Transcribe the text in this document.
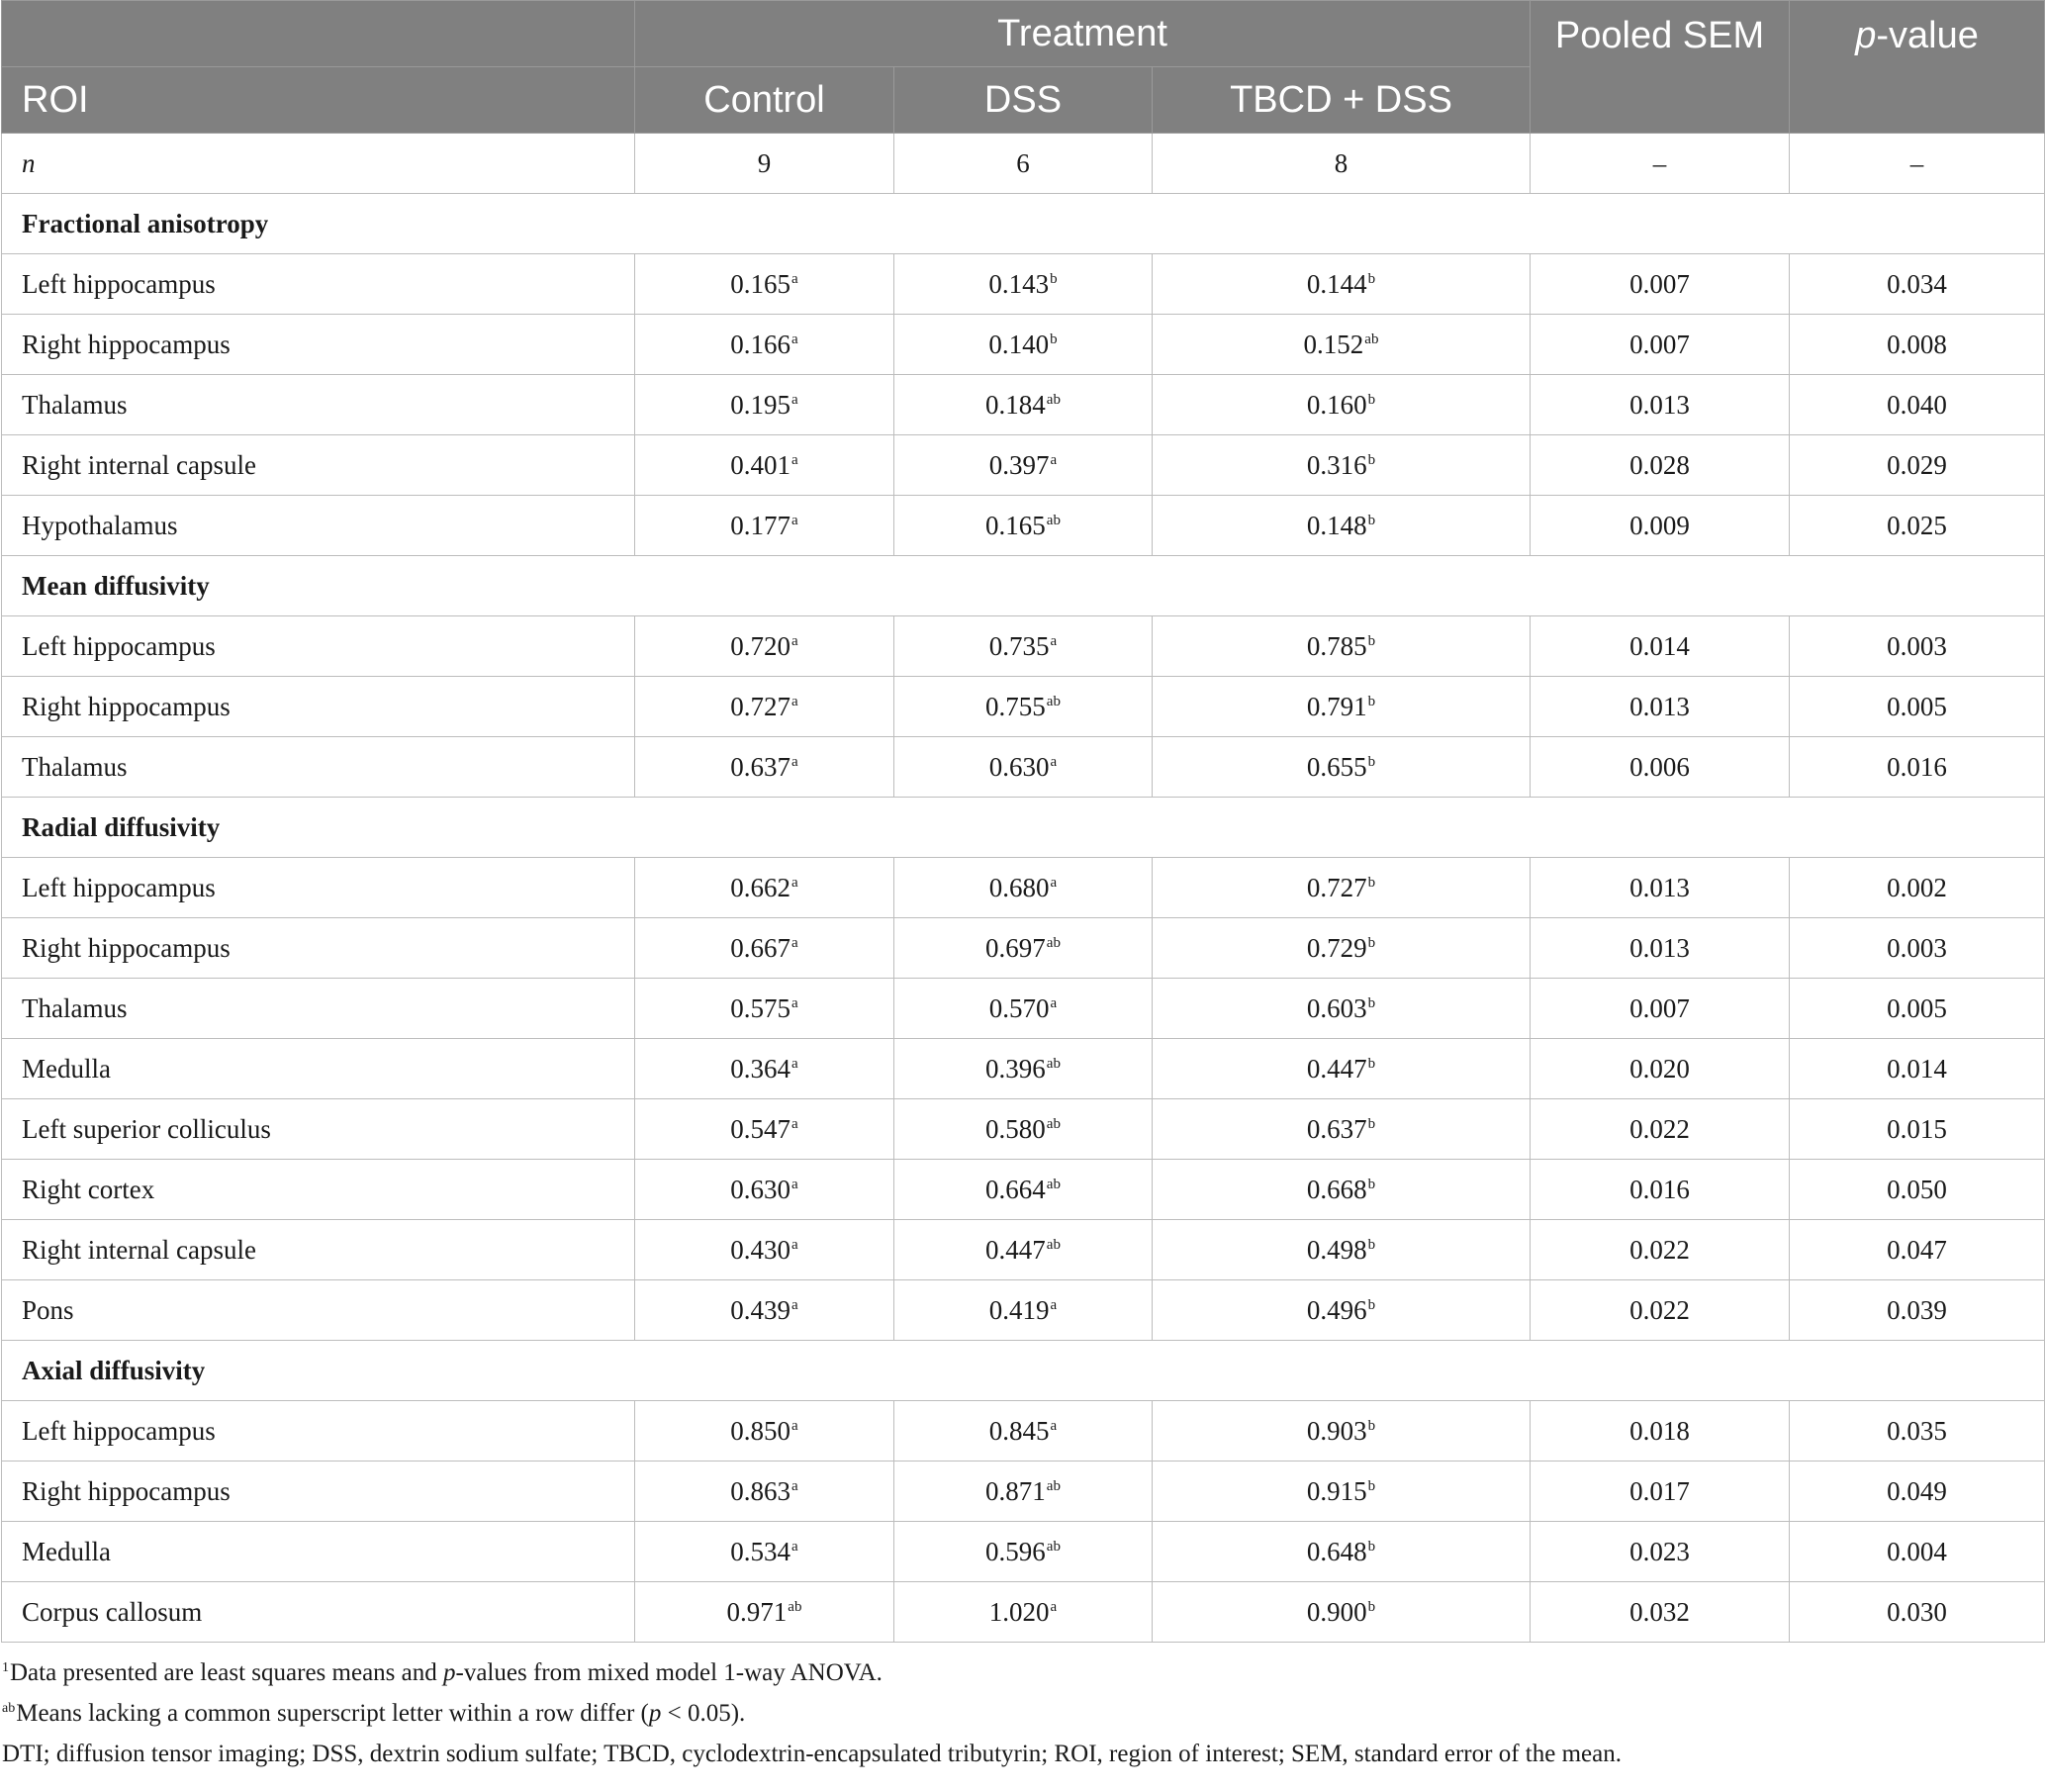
	Treatment			Pooled SEM	p-value
ROI	Control	DSS	TBCD + DSS		
n	9	6	8	–	–
Fractional anisotropy					
Left hippocampus	0.165$^a$	0.143$^b$	0.144$^b$	0.007	0.034
Right hippocampus	0.166$^a$	0.140$^b$	0.152$^{ab}$	0.007	0.008
Thalamus	0.195$^a$	0.184$^{ab}$	0.160$^b$	0.013	0.040
Right internal capsule	0.401$^a$	0.397$^a$	0.316$^b$	0.028	0.029
Hypothalamus	0.177$^a$	0.165$^{ab}$	0.148$^b$	0.009	0.025
Mean diffusivity					
Left hippocampus	0.720$^a$	0.735$^a$	0.785$^b$	0.014	0.003
Right hippocampus	0.727$^a$	0.755$^{ab}$	0.791$^b$	0.013	0.005
Thalamus	0.637$^a$	0.630$^a$	0.655$^b$	0.006	0.016
Radial diffusivity					
Left hippocampus	0.662$^a$	0.680$^a$	0.727$^b$	0.013	0.002
Right hippocampus	0.667$^a$	0.697$^{ab}$	0.729$^b$	0.013	0.003
Thalamus	0.575$^a$	0.570$^a$	0.603$^b$	0.007	0.005
Medulla	0.364$^a$	0.396$^{ab}$	0.447$^b$	0.020	0.014
Left superior colliculus	0.547$^a$	0.580$^{ab}$	0.637$^b$	0.022	0.015
Right cortex	0.630$^a$	0.664$^{ab}$	0.668$^b$	0.016	0.050
Right internal capsule	0.430$^a$	0.447$^{ab}$	0.498$^b$	0.022	0.047
Pons	0.439$^a$	0.419$^a$	0.496$^b$	0.022	0.039
Axial diffusivity					
Left hippocampus	0.850$^a$	0.845$^a$	0.903$^b$	0.018	0.035
Right hippocampus	0.863$^a$	0.871$^{ab}$	0.915$^b$	0.017	0.049
Medulla	0.534$^a$	0.596$^{ab}$	0.648$^b$	0.023	0.004
Corpus callosum	0.971$^{ab}$	1.020$^a$	0.900$^b$	0.032	0.030
$^1$Data presented are least squares means and p-values from mixed model 1-way ANOVA.
$^{ab}$Means lacking a common superscript letter within a row differ (p < 0.05).
DTI; diffusion tensor imaging; DSS, dextrin sodium sulfate; TBCD, cyclodextrin-encapsulated tributyrin; ROI, region of interest; SEM, standard error of the mean.
